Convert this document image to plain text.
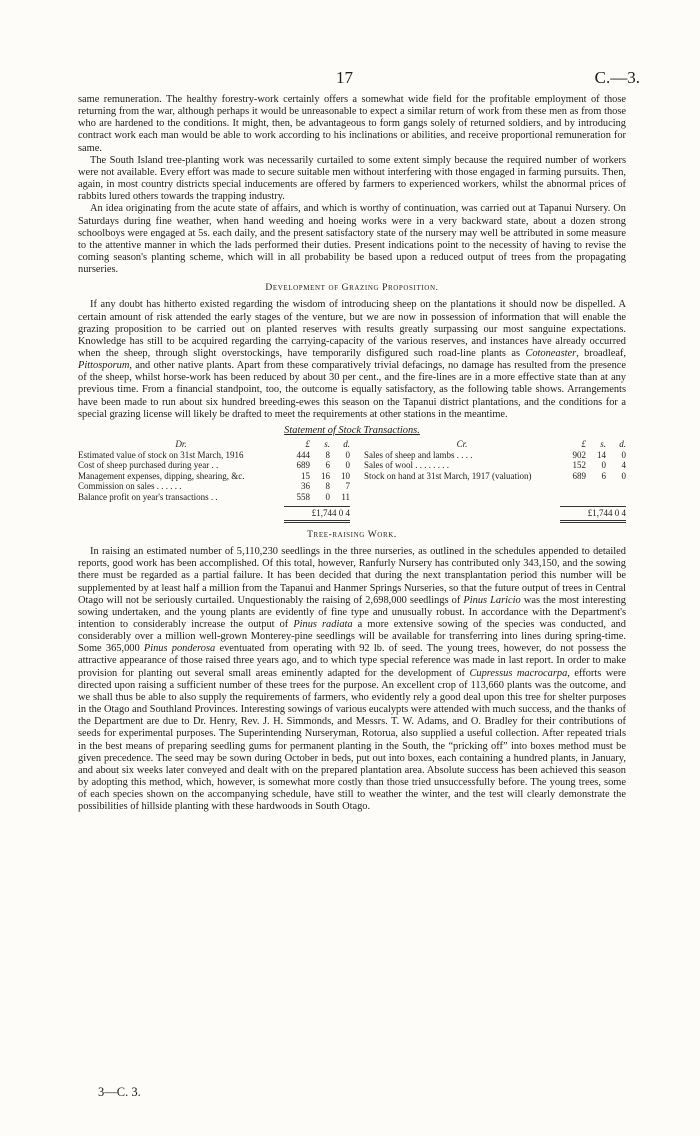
17	C.—3.

same remuneration. The healthy forestry-work certainly offers a somewhat wide field for the profitable employment of those returning from the war, although perhaps it would be unreasonable to expect a similar return of work from these men as from those who are hardened to the conditions. It might, then, be advantageous to form gangs solely of returned soldiers, and by introducing contract work each man would be able to work according to his inclinations or abilities, and receive proportional remuneration for same.

The South Island tree-planting work was necessarily curtailed to some extent simply because the required number of workers were not available. Every effort was made to secure suitable men without interfering with those engaged in farming pursuits. Then, again, in most country districts special inducements are offered by farmers to experienced workers, whilst the abnormal prices of rabbits lured others towards the trapping industry.

An idea originating from the acute state of affairs, and which is worthy of continuation, was carried out at Tapanui Nursery. On Saturdays during fine weather, when hand weeding and hoeing works were in a very backward state, about a dozen strong schoolboys were engaged at 5s. each daily, and the present satisfactory state of the nursery may well be attributed in some measure to the attentive manner in which the lads performed their duties. Present indications point to the necessity of having to revise the coming season's planting scheme, which will in all probability be based upon a reduced output of trees from the propagating nurseries.

Development of Grazing Proposition.

If any doubt has hitherto existed regarding the wisdom of introducing sheep on the plantations it should now be dispelled. A certain amount of risk attended the early stages of the venture, but we are now in possession of information that will enable the grazing proposition to be carried out on planted reserves with results greatly surpassing our most sanguine expectations. Knowledge has still to be acquired regarding the carrying-capacity of the various reserves, and instances have already occurred when the sheep, through slight overstockings, have temporarily disfigured such road-line plants as Cotoneaster, broadleaf, Pittosporum, and other native plants. Apart from these comparatively trivial defacings, no damage has resulted from the presence of the sheep, whilst horse-work has been reduced by about 30 per cent., and the fire-lines are in a more effective state than at any previous time. From a financial standpoint, too, the outcome is equally satisfactory, as the following table shows. Arrangements have been made to run about six hundred breeding-ewes this season on the Tapanui district plantations, and the conditions for a special grazing license will likely be drafted to meet the requirements at other stations in the meantime.

Statement of Stock Transactions.
Dr.	£	s.	d.
Estimated value of stock on 31st March, 1916	444	8	0
Cost of sheep purchased during year . .	689	6	0
Management expenses, dipping, shearing, &c.	15	16	10
Commission on sales . . . . . .	36	8	7
Balance profit on year's transactions . .	558	0	11
£1,744 0 4
Cr.	£	s.	d.
Sales of sheep and lambs . . . .	902	14	0
Sales of wool . . . . . . . .	152	0	4
Stock on hand at 31st March, 1917 (valuation)	689	6	0

£1,744 0 4
Tree-raising Work.

In raising an estimated number of 5,110,230 seedlings in the three nurseries, as outlined in the schedules appended to detailed reports, good work has been accomplished. Of this total, however, Ranfurly Nursery has contributed only 343,150, and the sowing there must be regarded as a partial failure. It has been decided that during the next transplantation period this number will be supplemented by at least half a million from the Tapanui and Hanmer Springs Nurseries, so that the future output of trees in Central Otago will not be seriously curtailed. Unquestionably the raising of 2,698,000 seedlings of Pinus Laricio was the most interesting sowing undertaken, and the young plants are evidently of fine type and unusually robust. In accordance with the Department's intention to considerably increase the output of Pinus radiata a more extensive sowing of the species was conducted, and considerably over a million well-grown Monterey-pine seedlings will be available for transferring into lines during spring-time. Some 365,000 Pinus ponderosa eventuated from operating with 92 lb. of seed. The young trees, however, do not possess the attractive appearance of those raised three years ago, and to which type special reference was made in last report. In order to make provision for planting out several small areas eminently adapted for the development of Cupressus macrocarpa, efforts were directed upon raising a sufficient number of these trees for the purpose. An excellent crop of 113,660 plants was the outcome, and we shall thus be able to also supply the requirements of farmers, who evidently rely a good deal upon this tree for shelter purposes in the Otago and Southland Provinces. Interesting sowings of various eucalypts were attended with much success, and the thanks of the Department are due to Dr. Henry, Rev. J. H. Simmonds, and Messrs. T. W. Adams, and O. Bradley for their contributions of seeds for experimental purposes. The Superintending Nurseryman, Rotorua, also supplied a useful collection. After repeated trials in the best means of preparing seedling gums for permanent planting in the South, the “pricking off” into boxes method must be given precedence. The seed may be sown during October in beds, put out into boxes, each containing a hundred plants, in January, and about six weeks later conveyed and dealt with on the prepared plantation area. Absolute success has been achieved this season by adopting this method, which, however, is somewhat more costly than those tried unsuccessfully before. The young trees, some of each species shown on the accompanying schedule, have still to weather the winter, and the test will clearly demonstrate the possibilities of hillside planting with these hardwoods in South Otago.

3—C. 3.
